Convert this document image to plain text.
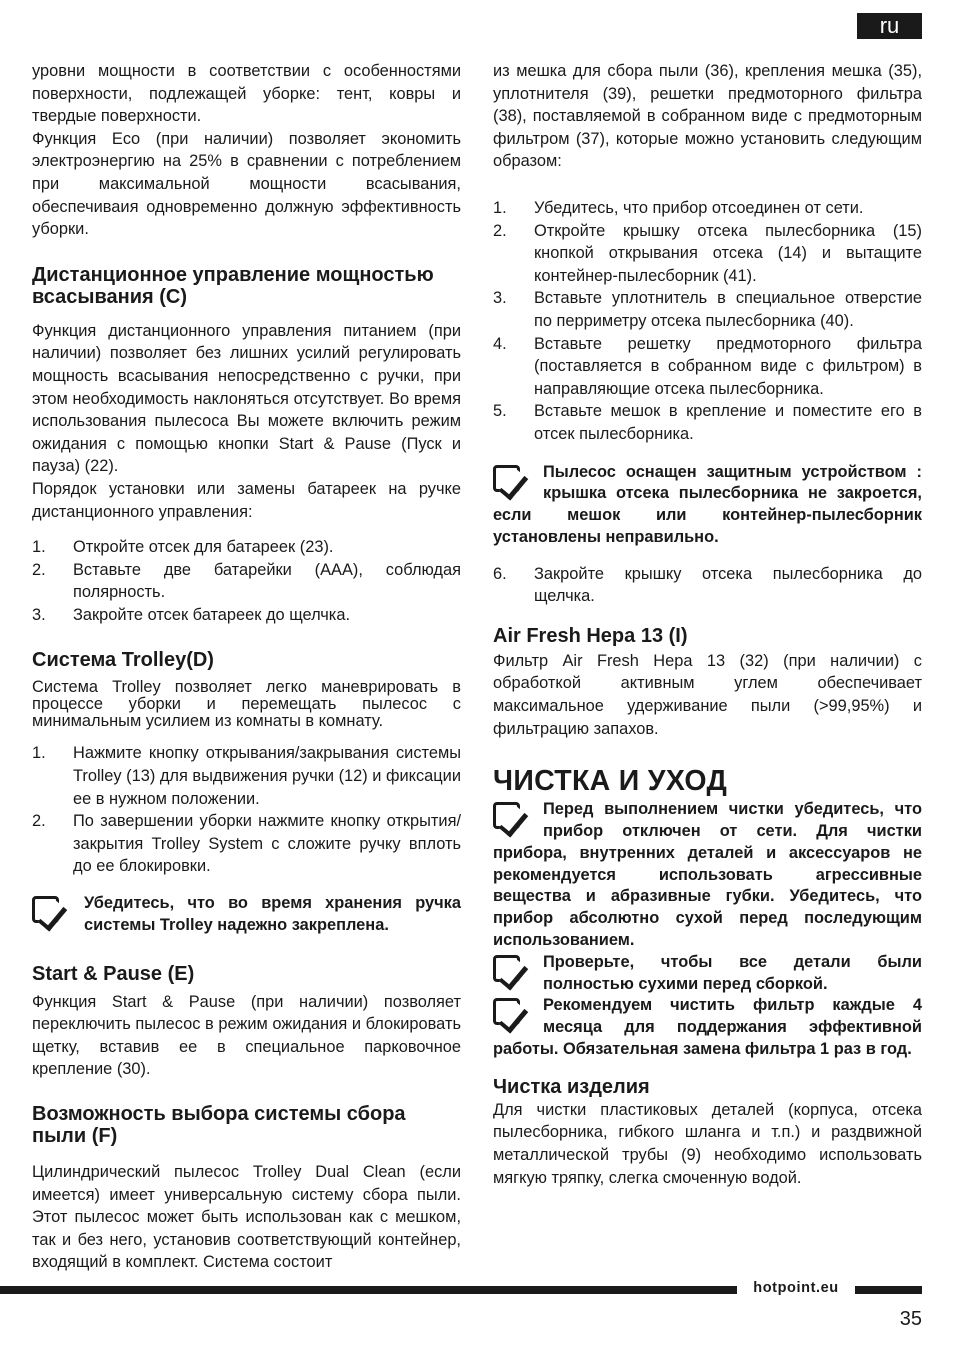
ru

уровни мощности в соответствии с особенностями поверхности, подлежащей уборке: тент, ковры и твердые поверхности.

Функция Eco (при наличии) позволяет экономить электроэнергию на 25% в сравнении с потреблением при максимальной мощности всасывания, обеспечиваия одновременно должную эффективность уборки.

Дистанционное управление мощностью всасывания (C)

Функция дистанционного управления питанием (при наличии) позволяет без лишних усилий регулировать мощность всасывания непосредственно с ручки, при этом необходимость наклоняться отсутствует. Во время использования пылесоса Вы можете включить режим ожидания с помощью кнопки Start & Pause (Пуск и пауза) (22).

Порядок установки или замены батареек на ручке дистанционного управления:

1. Откройте отсек для батареек (23).
2. Вставьте две батарейки (AAA), соблюдая полярность.
3. Закройте отсек батареек до щелчка.
Система Trolley(D)

Система Trolley позволяет легко маневрировать в процессе уборки и перемещать пылесос с минимальным усилием из комнаты в комнату.

1. Нажмите кнопку открывания/закрывания системы Trolley (13) для выдвижения ручки (12) и фиксации ее в нужном положении.
2. По завершении уборки нажмите кнопку открытия/закрытия Trolley System с сложите ручку вплоть до ее блокировки.
Убедитесь, что во время хранения ручка системы Trolley надежно закреплена.
Start & Pause (E)

Функция Start & Pause (при наличии) позволяет переключить пылесос в режим ожидания и блокировать щетку, вставив ее в специальное парковочное крепление (30).

Возможность выбора системы сбора пыли (F)

Цилиндрический пылесос Trolley Dual Clean (если имеется) имеет универсальную систему сбора пыли. Этот пылесос может быть использован как с мешком, так и без него, установив соответствующий контейнер, входящий в комплект. Система состоит

из мешка для сбора пыли (36), крепления мешка (35), уплотнителя (39), решетки предмоторного фильтра (38), поставляемой в собранном виде с предмоторным фильтром (37), которые можно установить следующим образом:

1. Убедитесь, что прибор отсоединен от сети.
2. Откройте крышку отсека пылесборника (15) кнопкой открывания отсека (14) и вытащите контейнер-пылесборник (41).
3. Вставьте уплотнитель в специальное отверстие по перриметру отсека пылесборника (40).
4. Вставьте решетку предмоторного фильтра (поставляется в собранном виде с фильтром) в направляющие отсека пылесборника.
5. Вставьте мешок в крепление и поместите его в отсек пылесборника.
Пылесос оснащен защитным устройством : крышка отсека пылесборника не закроется, если мешок или контейнер-пылесборник установлены неправильно.
6. Закройте крышку отсека пылесборника до щелчка.
Air Fresh Hepa 13 (I)

Фильтр Air Fresh Hepa 13 (32) (при наличии) с обработкой активным углем обеспечивает максимальное удерживание пыли (>99,95%) и фильтрацию запахов.

ЧИСТКА И УХОД
Перед выполнением чистки убедитесь, что прибор отключен от сети. Для чистки прибора, внутренних деталей и аксессуаров не рекомендуется использовать агрессивные вещества и абразивные губки. Убедитесь, что прибор абсолютно сухой перед последующим использованием.
Проверьте, чтобы все детали были полностью сухими перед сборкой.
Рекомендуем чистить фильтр каждые 4 месяца для поддержания эффективной работы. Обязательная замена фильтра 1 раз в год.
Чистка изделия

Для чистки пластиковых деталей (корпуса, отсека пылесборника, гибкого шланга и т.п.) и раздвижной металлической трубы (9) необходимо использовать мягкую тряпку, слегка смоченную водой.

hotpoint.eu
35
